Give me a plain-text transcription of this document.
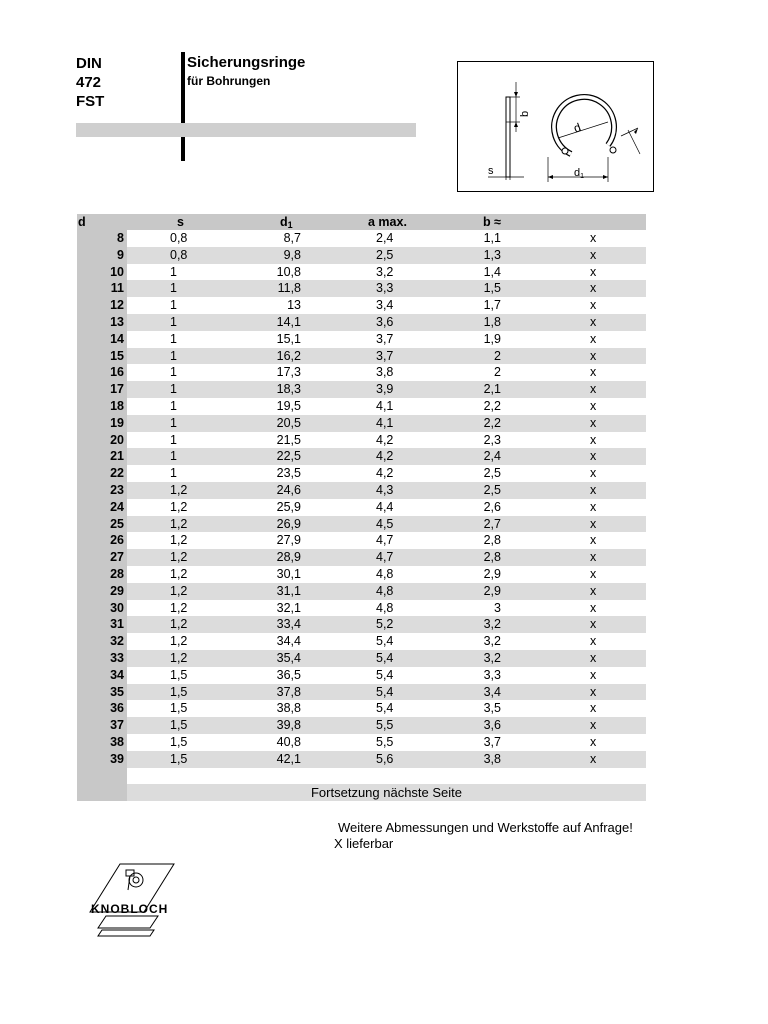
DIN
472
FST
Sicherungsringe
für Bohrungen
b
d
s	d1
d	s	$d_1$	a max.	b ≈
8	0,8	8,7	2,4	1,1	x
9	0,8	9,8	2,5	1,3	x
10	1	10,8	3,2	1,4	x
11	1	11,8	3,3	1,5	x
12	1	13	3,4	1,7	x
13	1	14,1	3,6	1,8	x
14	1	15,1	3,7	1,9	x
15	1	16,2	3,7	2	x
16	1	17,3	3,8	2	x
17	1	18,3	3,9	2,1	x
18	1	19,5	4,1	2,2	x
19	1	20,5	4,1	2,2	x
20	1	21,5	4,2	2,3	x
21	1	22,5	4,2	2,4	x
22	1	23,5	4,2	2,5	x
23	1,2	24,6	4,3	2,5	x
24	1,2	25,9	4,4	2,6	x
25	1,2	26,9	4,5	2,7	x
26	1,2	27,9	4,7	2,8	x
27	1,2	28,9	4,7	2,8	x
28	1,2	30,1	4,8	2,9	x
29	1,2	31,1	4,8	2,9	x
30	1,2	32,1	4,8	3	x
31	1,2	33,4	5,2	3,2	x
32	1,2	34,4	5,4	3,2	x
33	1,2	35,4	5,4	3,2	x
34	1,5	36,5	5,4	3,3	x
35	1,5	37,8	5,4	3,4	x
36	1,5	38,8	5,4	3,5	x
37	1,5	39,8	5,5	3,6	x
38	1,5	40,8	5,5	3,7	x
39	1,5	42,1	5,6	3,8	x
Fortsetzung nächste Seite
Weitere Abmessungen und Werkstoffe auf Anfrage!
X lieferbar
KNOBLOCH
